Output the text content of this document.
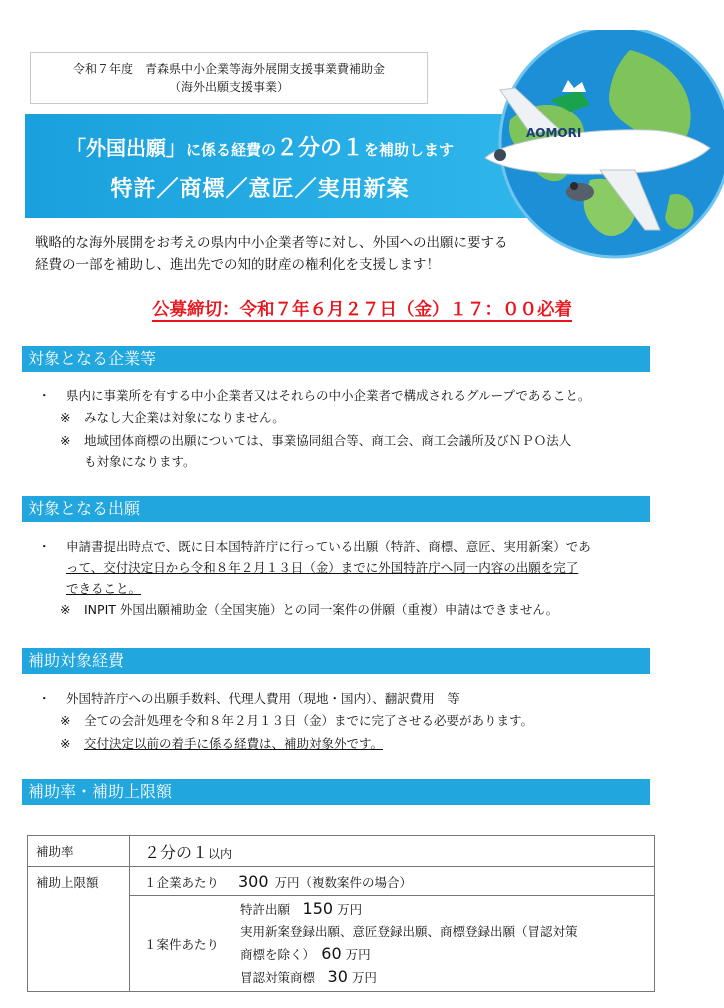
令和７年度　青森県中小企業等海外展開支援事業費補助金
（海外出願支援事業）
「外国出願」に係る経費の２分の１を補助します
特許／商標／意匠／実用新案
AOMORI
戦略的な海外展開をお考えの県内中小企業者等に対し、外国への出願に要する
経費の一部を補助し、進出先での知的財産の権利化を支援します！
公募締切：令和７年６月２７日（金）１７：００必着
対象となる企業等
・ 県内に事業所を有する中小企業者又はそれらの中小企業者で構成されるグループであること。
※ みなし大企業は対象になりません。
※ 地域団体商標の出願については、事業協同組合等、商工会、商工会議所及びＮＰＯ法人
も対象になります。
対象となる出願
・ 申請書提出時点で、既に日本国特許庁に行っている出願（特許、商標、意匠、実用新案）であ
って、交付決定日から令和８年２月１３日（金）までに外国特許庁へ同一内容の出願を完了
できること。
※ INPIT 外国出願補助金（全国実施）との同一案件の併願（重複）申請はできません。
補助対象経費
・ 外国特許庁への出願手数料、代理人費用（現地・国内）、翻訳費用　等
※ 全ての会計処理を令和８年２月１３日（金）までに完了させる必要があります。
※ 交付決定以前の着手に係る経費は、補助対象外です。
補助率・補助上限額
補助率	２分の１以内	
補助上限額	１企業あたり 300 万円（複数案件の場合）	
	１案件あたり	特許出願　 150 万円
実用新案登録出願、意匠登録出願、商標登録出願（冒認対策
商標を除く）　 60 万円
冒認対策商標　 30 万円
